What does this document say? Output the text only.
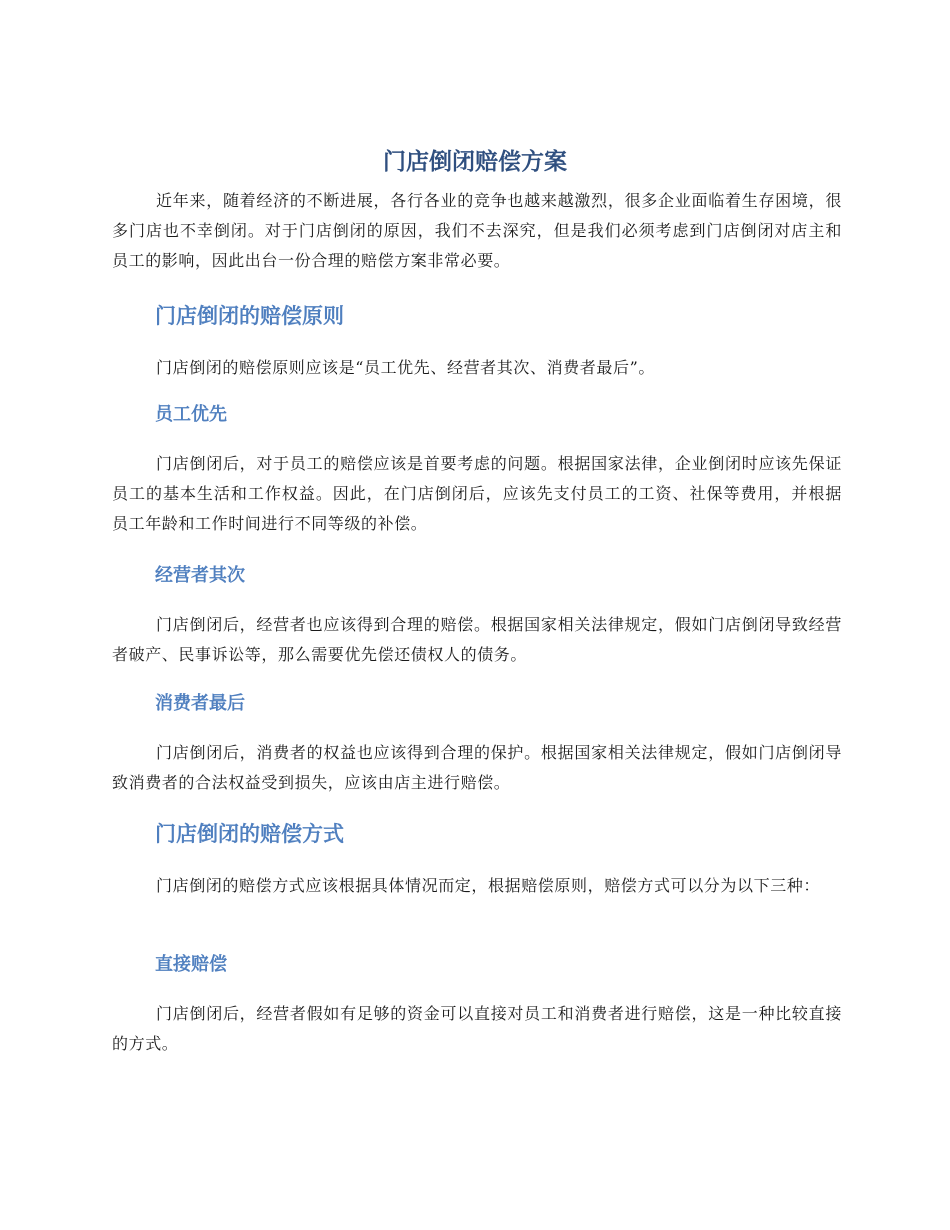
门店倒闭赔偿方案

近年来，随着经济的不断进展，各行各业的竞争也越来越激烈，很多企业面临着生存困境，很多门店也不幸倒闭。对于门店倒闭的原因，我们不去深究，但是我们必须考虑到门店倒闭对店主和员工的影响，因此出台一份合理的赔偿方案非常必要。

门店倒闭的赔偿原则

门店倒闭的赔偿原则应该是“员工优先、经营者其次、消费者最后”。

员工优先

门店倒闭后，对于员工的赔偿应该是首要考虑的问题。根据国家法律，企业倒闭时应该先保证员工的基本生活和工作权益。因此，在门店倒闭后，应该先支付员工的工资、社保等费用，并根据员工年龄和工作时间进行不同等级的补偿。

经营者其次

门店倒闭后，经营者也应该得到合理的赔偿。根据国家相关法律规定，假如门店倒闭导致经营者破产、民事诉讼等，那么需要优先偿还债权人的债务。

消费者最后

门店倒闭后，消费者的权益也应该得到合理的保护。根据国家相关法律规定，假如门店倒闭导致消费者的合法权益受到损失，应该由店主进行赔偿。

门店倒闭的赔偿方式

门店倒闭的赔偿方式应该根据具体情况而定，根据赔偿原则，赔偿方式可以分为以下三种：

直接赔偿

门店倒闭后，经营者假如有足够的资金可以直接对员工和消费者进行赔偿，这是一种比较直接的方式。
